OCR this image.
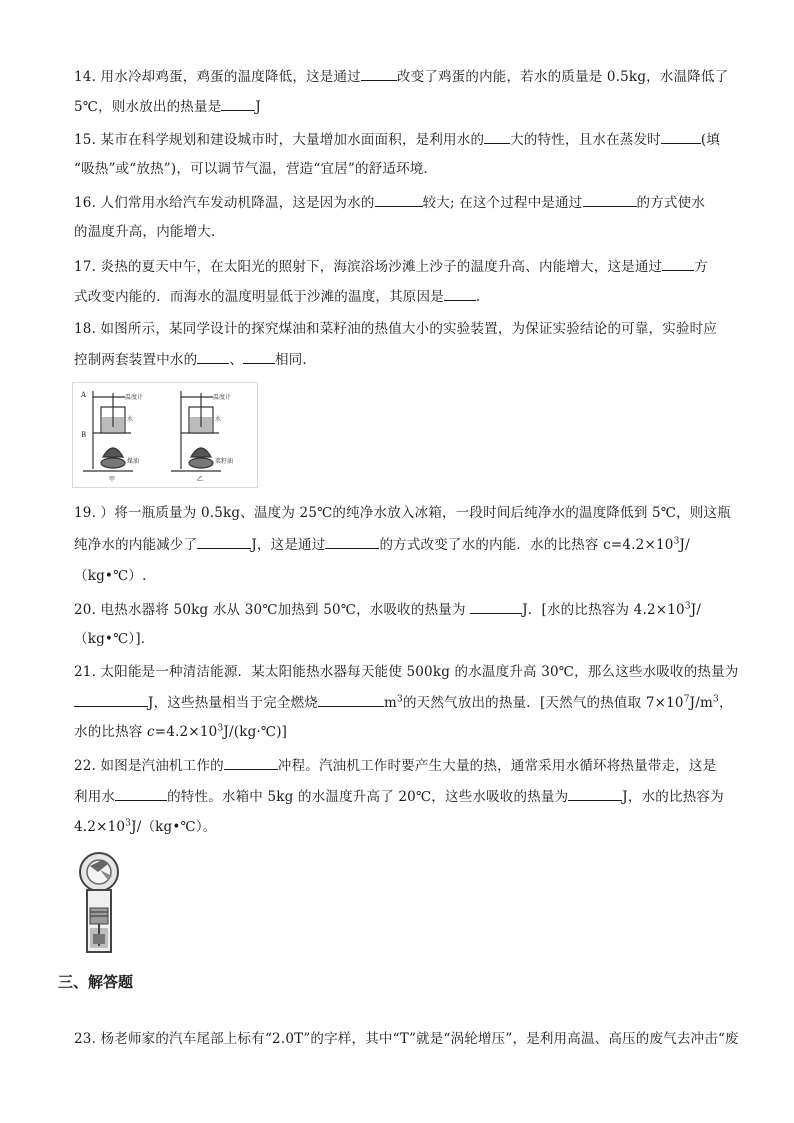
14. 用水冷却鸡蛋，鸡蛋的温度降低，这是通过	改变了鸡蛋的内能，若水的质量是 0.5kg，水温降低了
5℃，则水放出的热量是	J
15. 某市在科学规划和建设城市时，大量增加水面面积，是利用水的 大的特性，且水在蒸发时	(填
“吸热”或“放热”)，可以调节气温，营造“宜居”的舒适环境．
16. 人们常用水给汽车发动机降温，这是因为水的	较大; 在这个过程中是通过	的方式使水
的温度升高，内能增大.
17. 炎热的夏天中午，在太阳光的照射下，海滨浴场沙滩上沙子的温度升高、内能增大，这是通过 方
式改变内能的．而海水的温度明显低于沙滩的温度，其原因是 .
18. 如图所示，某同学设计的探究煤油和菜籽油的热值大小的实验装置，为保证实验结论的可靠，实验时应
控制两套装置中水的 、 相同.
A
B
温度计
水
煤油
甲
温度计
水
菜籽油
乙
19. ）将一瓶质量为 0.5kg、温度为 25℃的纯净水放入冰箱，一段时间后纯净水的温度降低到 5℃，则这瓶
纯净水的内能减少了	J，这是通过	的方式改变了水的内能．水的比热容 $c=4.2\times 10^3J/$
（kg•℃）.
20. 电热水器将 50kg 水从 30℃加热到 50℃，水吸收的热量为	J．[水的比热容为 $4.2\times 10^3J/$
（kg•℃）]．
21. 太阳能是一种清洁能源．某太阳能热水器每天能使 500kg 的水温度升高 30℃，那么这些水吸收的热量为
J，这些热量相当于完全燃烧	$m^3$的天然气放出的热量．[天然气的热值取 $7\times 10^7J/m^3$，
水的比热容 $c=4.2\times 10^3J/(kg\cdot℃)$]
22. 如图是汽油机工作的	冲程。汽油机工作时要产生大量的热，通常采用水循环将热量带走，这是
利用水	的特性。水箱中 5kg 的水温度升高了 20℃，这些水吸收的热量为	J，水的比热容为
$4.2\times 10^3J/(kg•℃)$。
三、解答题
23. 杨老师家的汽车尾部上标有“2.0T”的字样，其中“T”就是“涡轮增压”，是利用高温、高压的废气去冲击“废
